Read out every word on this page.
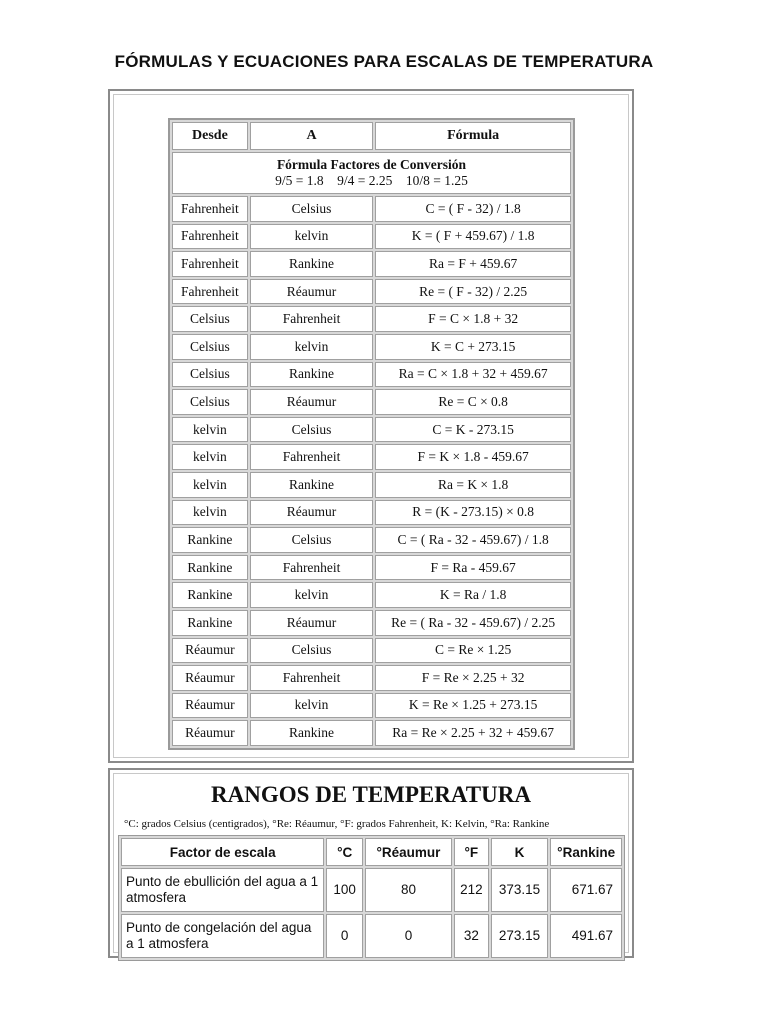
FÓRMULAS Y ECUACIONES PARA ESCALAS DE TEMPERATURA
Desde	A	Fórmula

Fórmula Factores de Conversión
9/5 = 1.8    9/4 = 2.25    10/8 = 1.25		
Fahrenheit	Celsius	C = ( F - 32) / 1.8
Fahrenheit	kelvin	K = ( F + 459.67) / 1.8
Fahrenheit	Rankine	Ra = F + 459.67
Fahrenheit	Réaumur	Re = ( F - 32) / 2.25
Celsius	Fahrenheit	F = C × 1.8 + 32
Celsius	kelvin	K = C + 273.15
Celsius	Rankine	Ra = C × 1.8 + 32 + 459.67
Celsius	Réaumur	Re = C × 0.8
kelvin	Celsius	C = K - 273.15
kelvin	Fahrenheit	F = K × 1.8 - 459.67
kelvin	Rankine	Ra = K × 1.8
kelvin	Réaumur	R = (K - 273.15) × 0.8
Rankine	Celsius	C = ( Ra - 32 - 459.67) / 1.8
Rankine	Fahrenheit	F = Ra - 459.67
Rankine	kelvin	K = Ra / 1.8
Rankine	Réaumur	Re = ( Ra - 32 - 459.67) / 2.25
Réaumur	Celsius	C = Re × 1.25
Réaumur	Fahrenheit	F = Re × 2.25 + 32
Réaumur	kelvin	K = Re × 1.25 + 273.15
Réaumur	Rankine	Ra = Re × 2.25 + 32 + 459.67
RANGOS DE TEMPERATURA
°C: grados Celsius (centigrados), °Re: Réaumur, °F: grados Fahrenheit, K: Kelvin, °Ra: Rankine
Factor de escala	°C	°Réaumur	°F	K	°Rankine
Punto de ebullición del agua a 1 atmosfera	100	80	212	373.15	671.67
Punto de congelación del agua a 1 atmosfera	0	0	32	273.15	491.67
